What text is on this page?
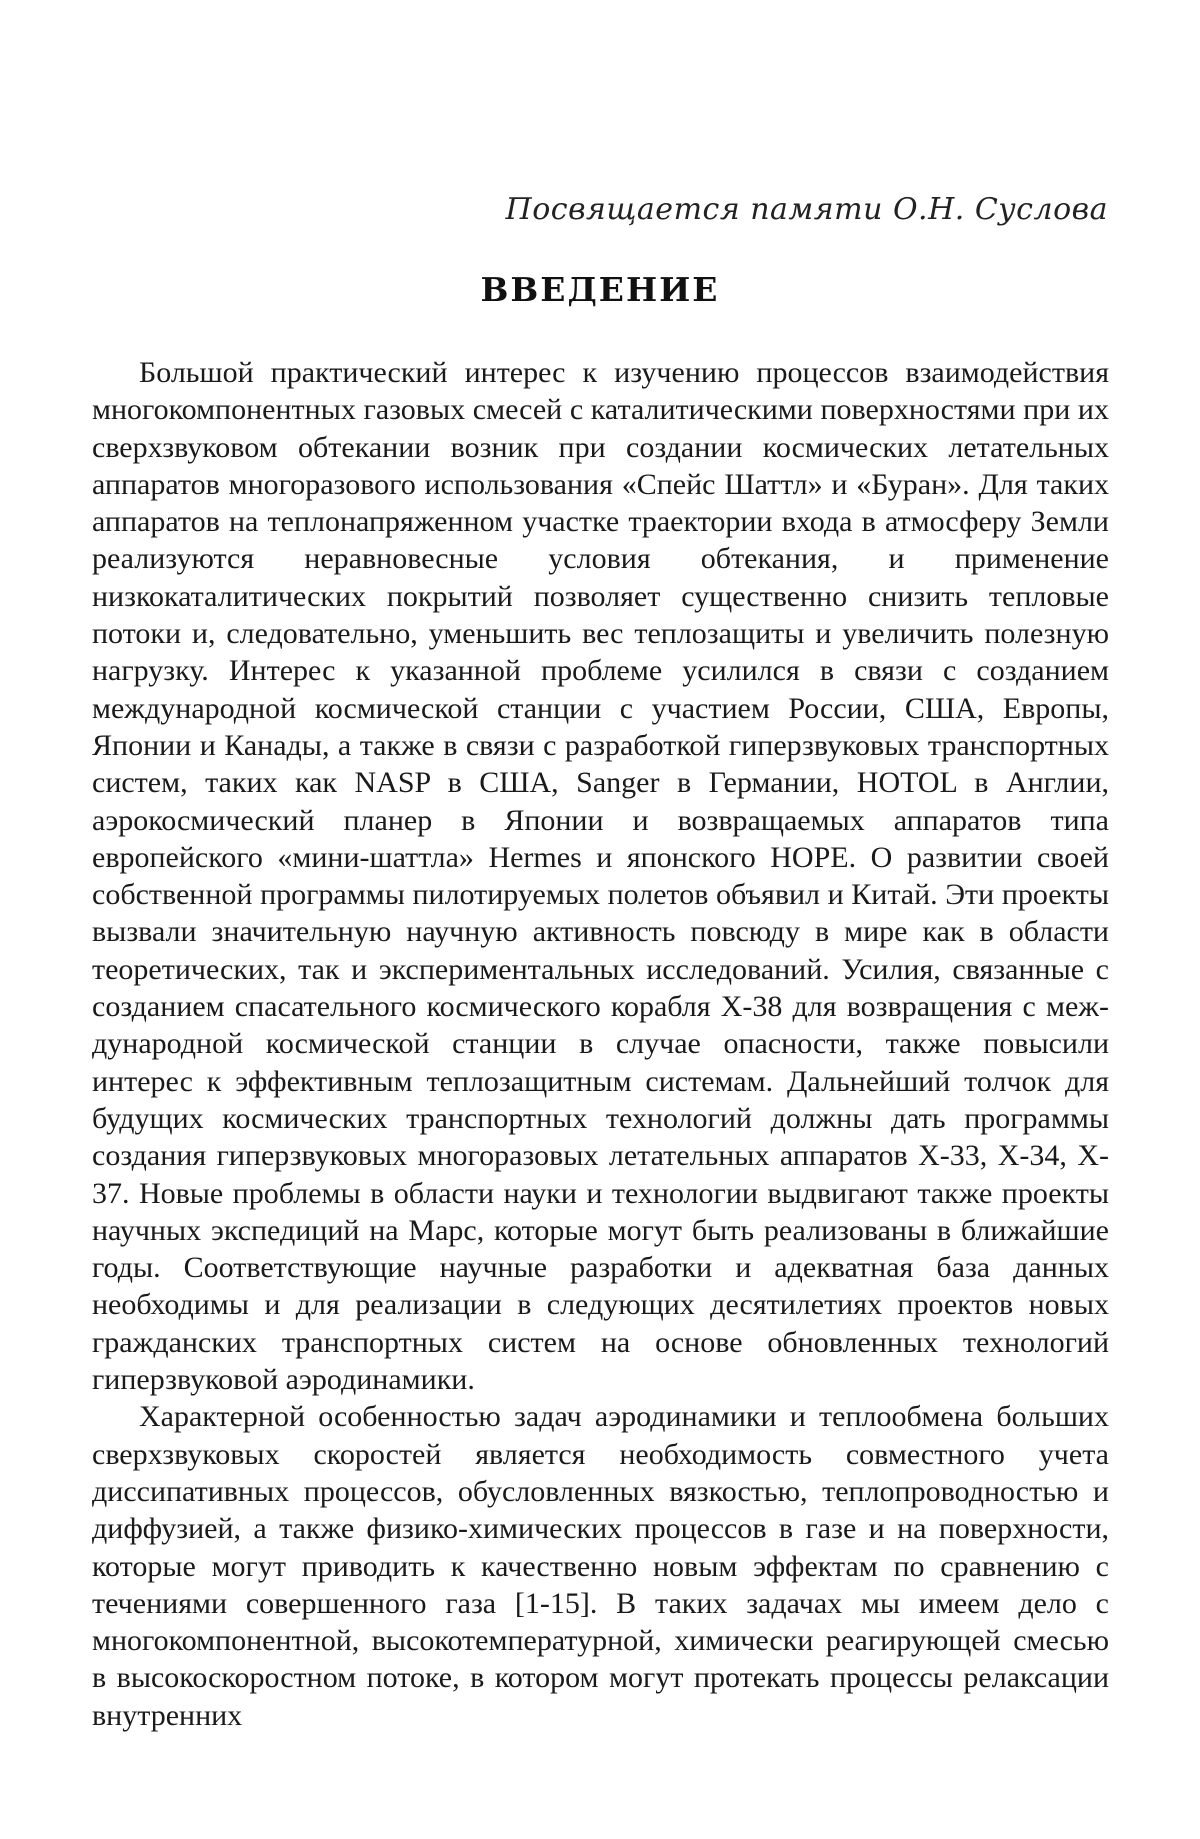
Посвящается памяти О.Н. Суслова
ВВЕДЕНИЕ

Большой практический интерес к изучению процессов взаимодействия многокомпонентных газовых смесей с каталитическими поверхностями при их сверхзвуковом обтекании возник при создании космических летательных аппаратов многоразового использования «Спейс Шаттл» и «Буран». Для таких аппаратов на теплонапряженном участке траектории входа в атмосферу Земли реализуются неравновесные условия обтекания, и применение низкокаталитических покрытий позволяет существенно снизить тепловые потоки и, следовательно, уменьшить вес теплозащиты и увеличить полезную нагрузку. Интерес к указанной проблеме усилился в связи с созданием международной космической станции с участием России, США, Европы, Японии и Канады, а также в связи с разработкой гиперзвуковых транспортных систем, таких как NASP в США, Sanger в Германии, HOTOL в Англии, аэрокосмический планер в Японии и возвращаемых аппаратов типа европейского «мини-шаттла» Hermes и японского HOPE. О развитии своей собственной программы пилотируемых полетов объявил и Китай. Эти проекты вызвали значительную научную активность повсюду в мире как в области теоретических, так и экспериментальных исследований. Усилия, связанные с созданием спасательного космического корабля X-38 для возвращения с международной космической станции в случае опасности, также повысили интерес к эффективным теплозащитным системам. Дальнейший толчок для будущих космических транспортных технологий должны дать программы создания гиперзвуковых многоразовых летательных аппаратов X-33, X-34, X-37. Новые проблемы в области науки и технологии выдвигают также проекты научных экспедиций на Марс, которые могут быть реализованы в ближайшие годы. Соответствующие научные разработки и адекватная база данных необходимы и для реализации в следующих десятилетиях проектов новых гражданских транспортных систем на основе обновленных технологий гиперзвуковой аэродинамики.

Характерной особенностью задач аэродинамики и теплообмена больших сверхзвуковых скоростей является необходимость совместного учета диссипативных процессов, обусловленных вязкостью, теплопроводностью и диффузией, а также физико-химических процессов в газе и на поверхности, которые могут приводить к качественно новым эффектам по сравнению с течениями совершенного газа [1-15]. В таких задачах мы имеем дело с многокомпонентной, высокотемпературной, химически реагирующей смесью в высокоскоростном потоке, в котором могут протекать процессы релаксации внутренних
